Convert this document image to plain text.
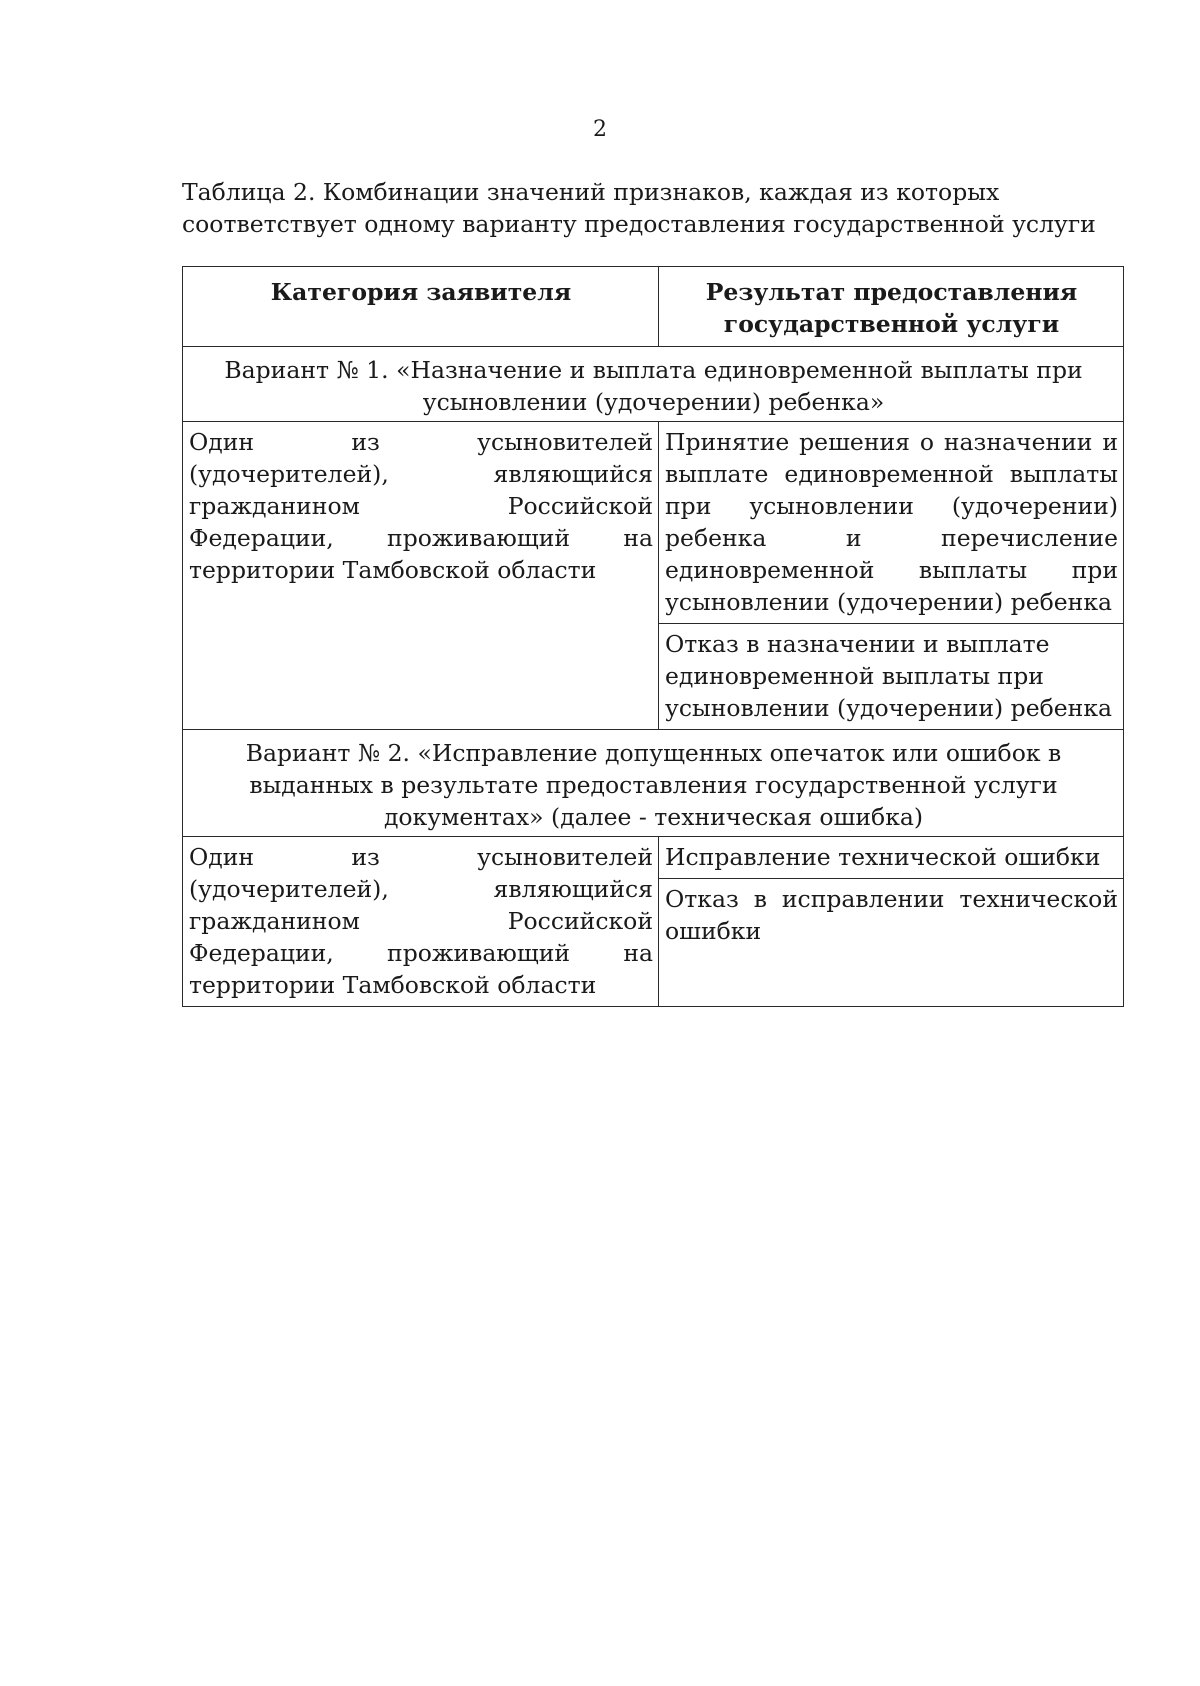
2
Таблица 2. Комбинации значений признаков, каждая из которых
соответствует одному варианту предоставления государственной услуги
Категория заявителя	Результат предоставления государственной услуги
Вариант № 1. «Назначение и выплата единовременной выплаты при усыновлении (удочерении) ребенка»	
Один из усыновителей (удочерителей), являющийся гражданином Российской Федерации, проживающий на территории Тамбовской области	Принятие решения о назначении и выплате единовременной выплаты при усыновлении (удочерении) ребенка и перечисление единовременной выплаты при усыновлении (удочерении) ребенка
	Отказ в назначении и выплате единовременной выплаты при усыновлении (удочерении) ребенка
Вариант № 2. «Исправление допущенных опечаток или ошибок в выданных в результате предоставления государственной услуги документах» (далее - техническая ошибка)	
Один из усыновителей (удочерителей), являющийся гражданином Российской Федерации, проживающий на территории Тамбовской области	Исправление технической ошибки
	Отказ в исправлении технической ошибки
